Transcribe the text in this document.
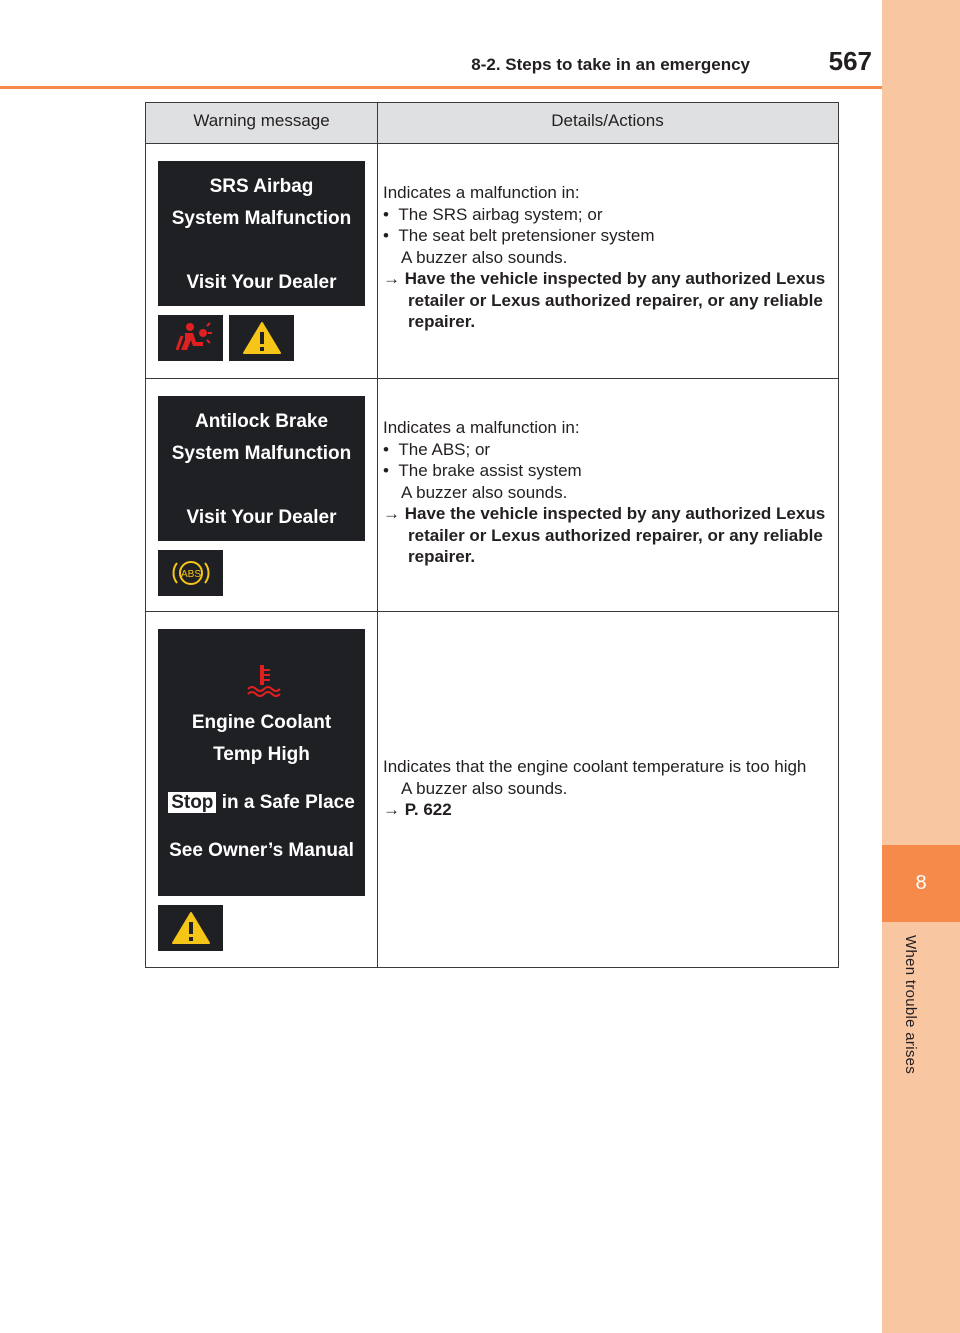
8-2. Steps to take in an emergency	567
8
When trouble arises
Warning message	Details/Actions
SRS Airbag
System Malfunction
Visit Your Dealer

Indicates a malfunction in:

•  The SRS airbag system; or

•  The seat belt pretensioner system

A buzzer also sounds.

→ Have the vehicle inspected by any authorized Lexus retailer or Lexus authorized repairer, or any reliable repairer.

Antilock Brake
System Malfunction
Visit Your Dealer
ABS

Indicates a malfunction in:

•  The ABS; or

•  The brake assist system

A buzzer also sounds.

→ Have the vehicle inspected by any authorized Lexus retailer or Lexus authorized repairer, or any reliable repairer.

Engine Coolant
Temp High
Stop in a Safe Place
See Owner’s Manual

Indicates that the engine coolant temperature is too high

A buzzer also sounds.

→ P. 622
